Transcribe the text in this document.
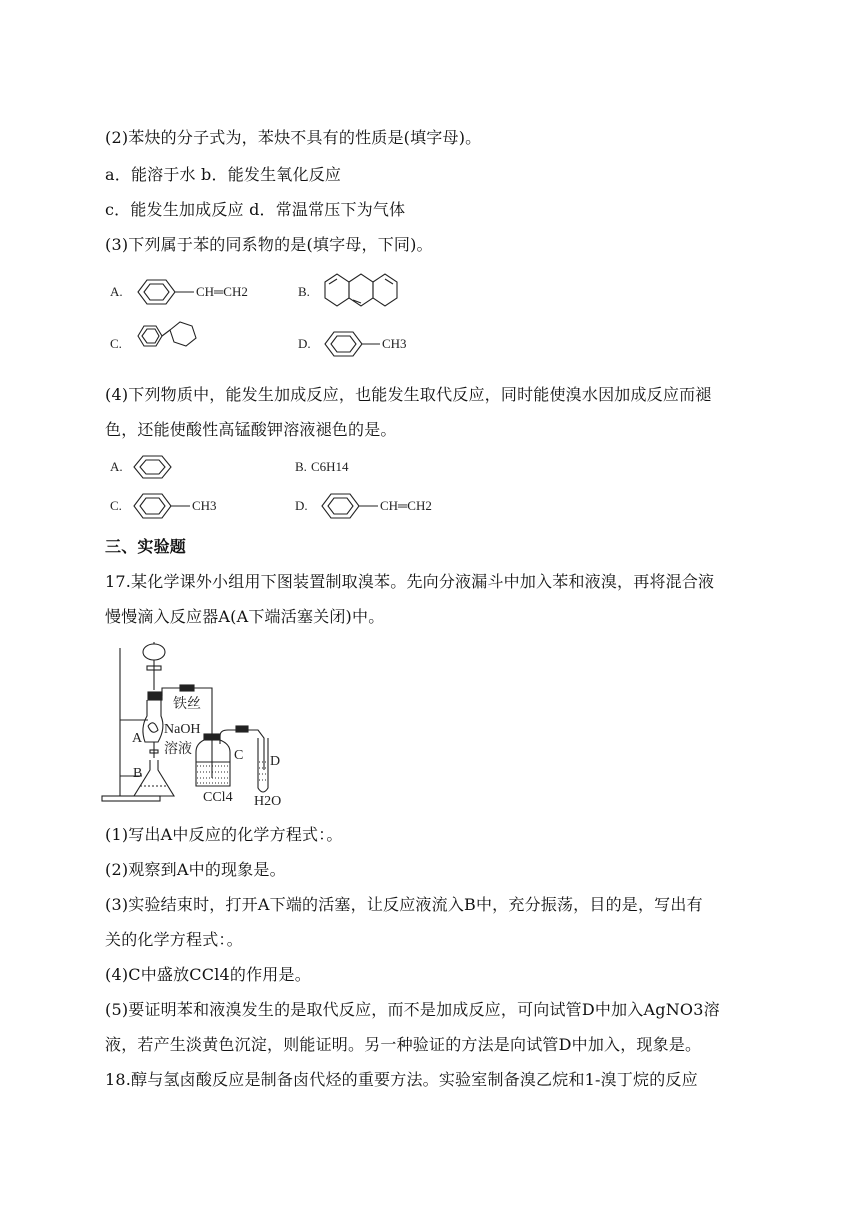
(2)苯炔的分子式为，苯炔不具有的性质是(填字母)。
a．能溶于水 b．能发生氧化反应
c．能发生加成反应 d．常温常压下为气体
(3)下列属于苯的同系物的是(填字母，下同)。
A.	CH═CH2	B.
C.	D.	CH3
(4)下列物质中，能发生加成反应，也能发生取代反应，同时能使溴水因加成反应而褪
色，还能使酸性高锰酸钾溶液褪色的是。
A.	B. C6H14
C.	CH3	D.	CH═CH2
三、实验题
17.某化学课外小组用下图装置制取溴苯。先向分液漏斗中加入苯和液溴，再将混合液
慢慢滴入反应器A(A下端活塞关闭)中。
铁丝
A
NaOH
溶液
B
C
CCl4
D
H2O
(1)写出A中反应的化学方程式：。
(2)观察到A中的现象是。
(3)实验结束时，打开A下端的活塞，让反应液流入B中，充分振荡，目的是，写出有
关的化学方程式：。
(4)C中盛放CCl4的作用是。
(5)要证明苯和液溴发生的是取代反应，而不是加成反应，可向试管D中加入AgNO3溶
液，若产生淡黄色沉淀，则能证明。另一种验证的方法是向试管D中加入，现象是。
18.醇与氢卤酸反应是制备卤代烃的重要方法。实验室制备溴乙烷和1-溴丁烷的反应
